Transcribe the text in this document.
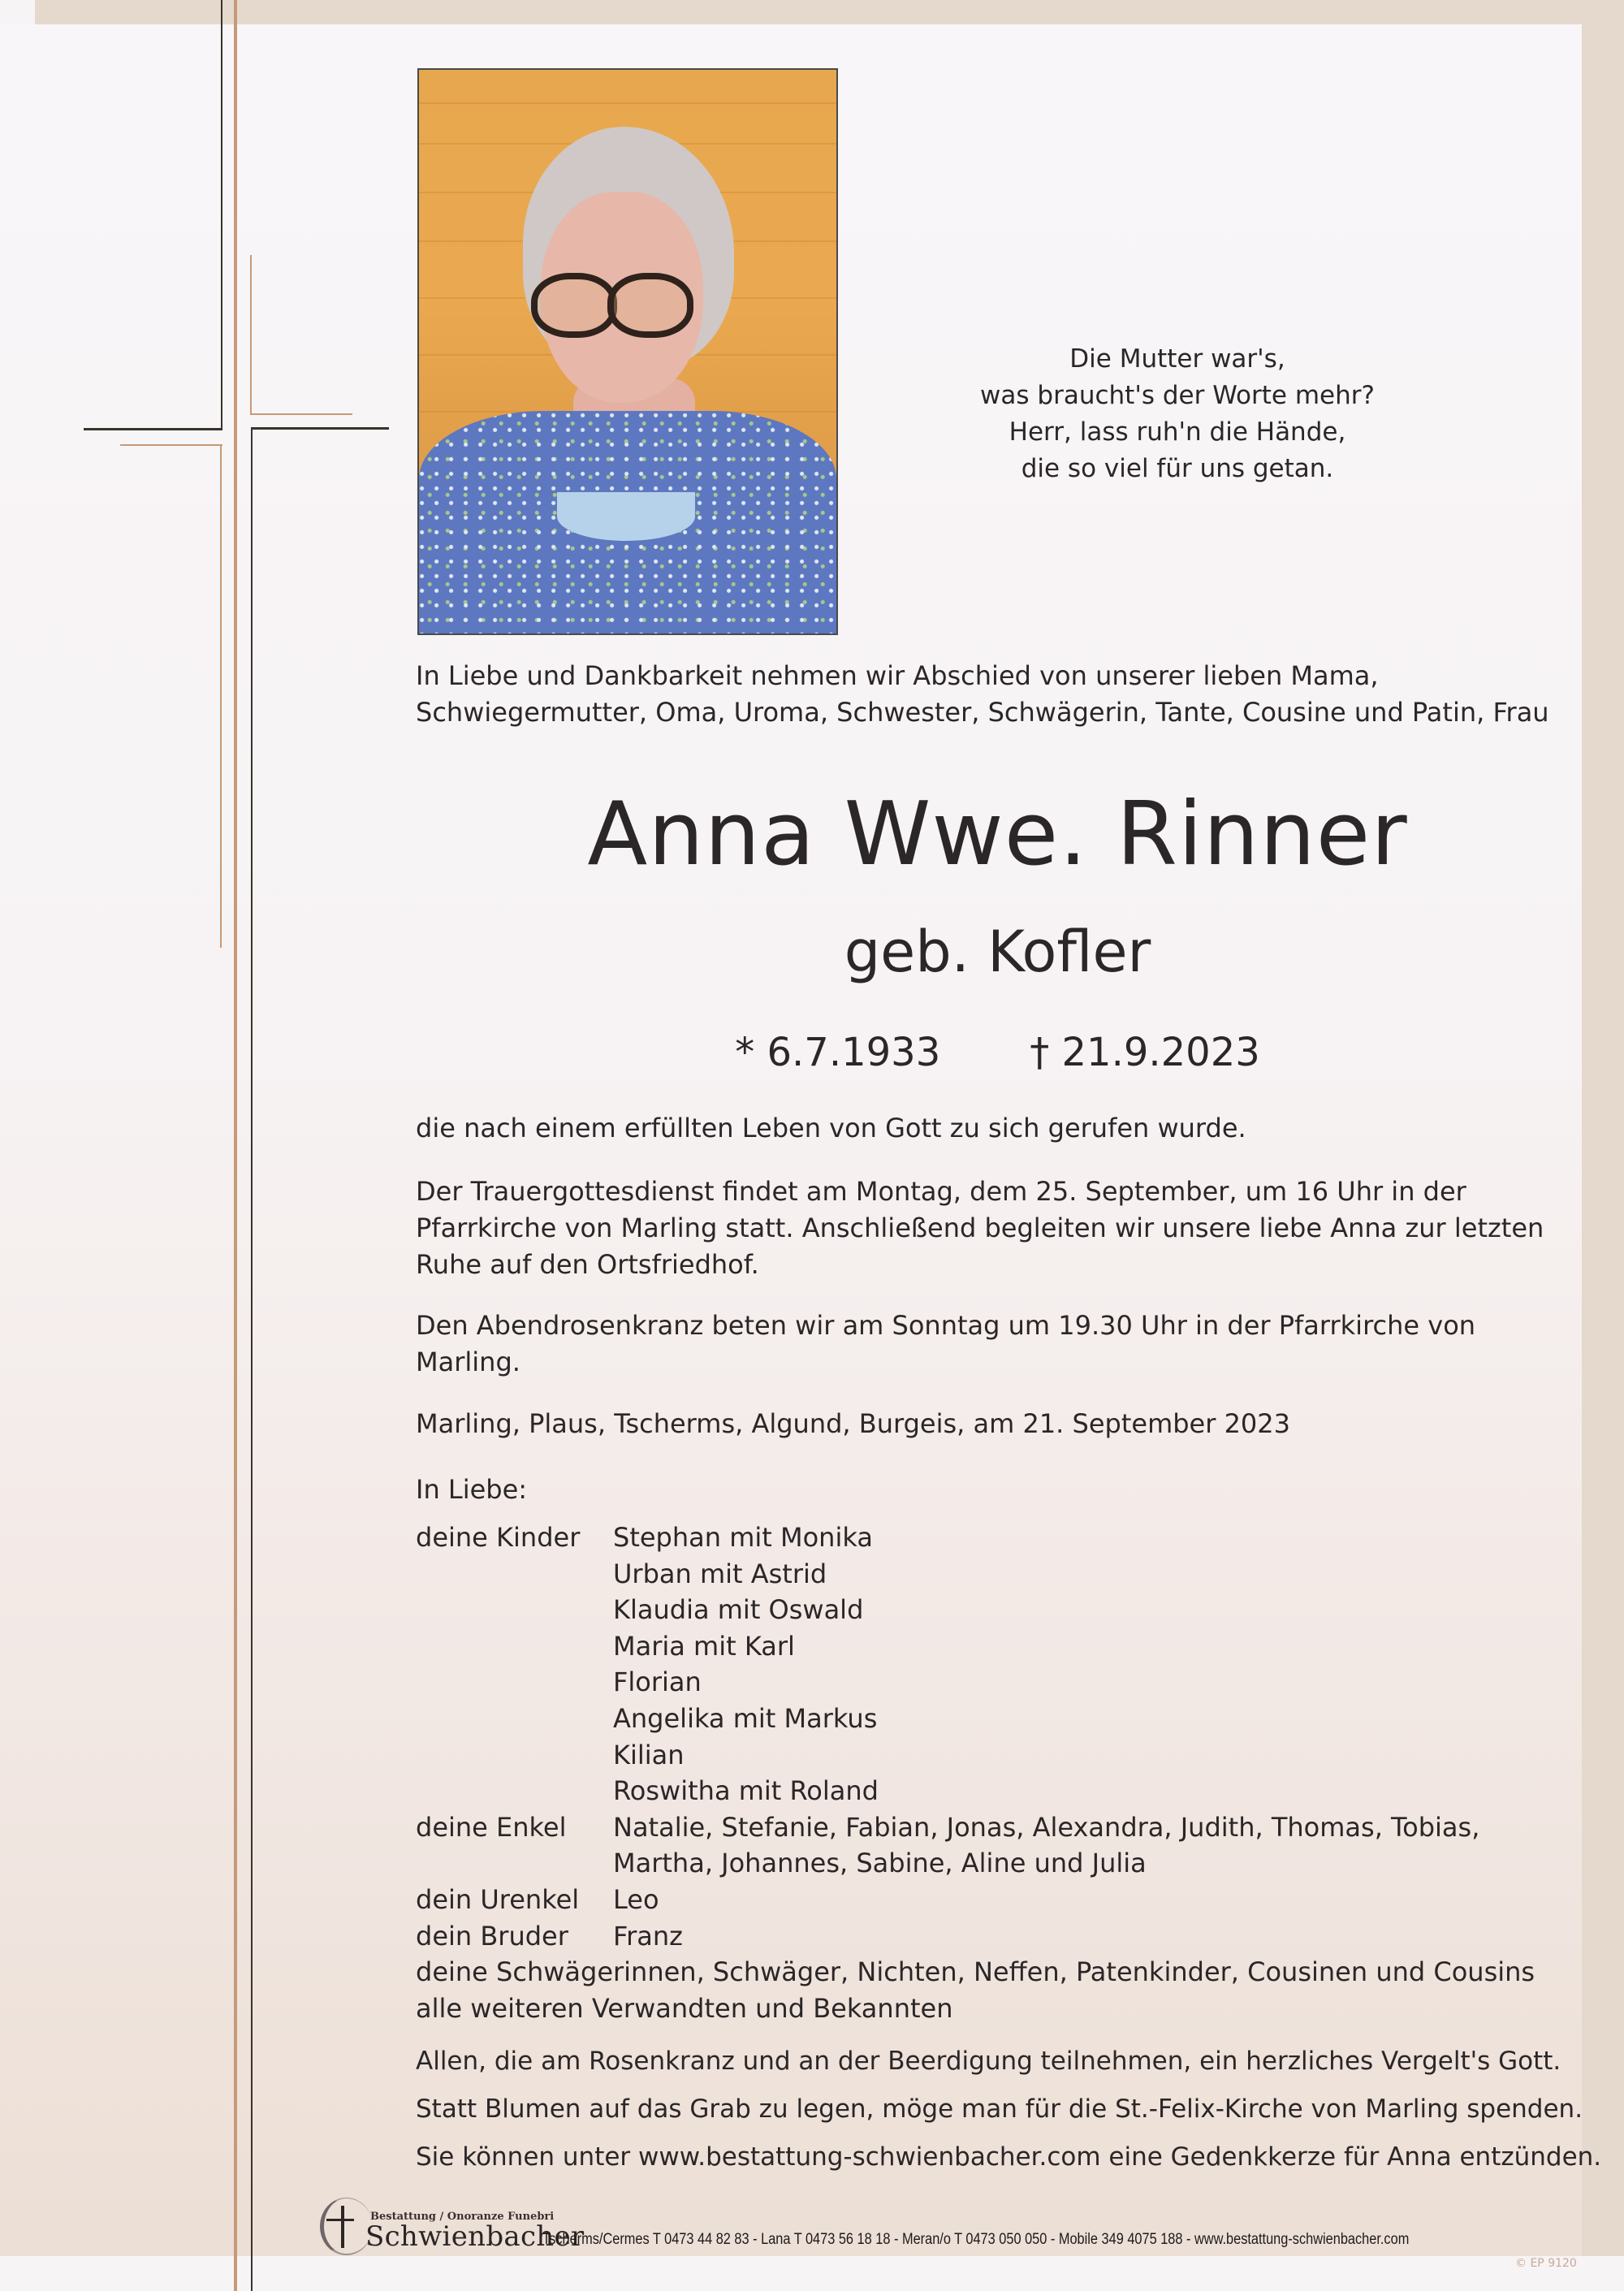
Die Mutter war's,
was braucht's der Worte mehr?
Herr, lass ruh'n die Hände,
die so viel für uns getan.
In Liebe und Dankbarkeit nehmen wir Abschied von unserer lieben Mama,
Schwiegermutter, Oma, Uroma, Schwester, Schwägerin, Tante, Cousine und Patin, Frau
Anna Wwe. Rinner
geb. Kofler
* 6.7.1933 † 21.9.2023
die nach einem erfüllten Leben von Gott zu sich gerufen wurde.
Der Trauergottesdienst findet am Montag, dem 25. September, um 16 Uhr in der
Pfarrkirche von Marling statt. Anschließend begleiten wir unsere liebe Anna zur letzten
Ruhe auf den Ortsfriedhof.
Den Abendrosenkranz beten wir am Sonntag um 19.30 Uhr in der Pfarrkirche von
Marling.
Marling, Plaus, Tscherms, Algund, Burgeis, am 21. September 2023
In Liebe:
deine Kinder	Stephan mit Monika
Urban mit Astrid
Klaudia mit Oswald
Maria mit Karl
Florian
Angelika mit Markus
Kilian
Roswitha mit Roland
deine Enkel	Natalie, Stefanie, Fabian, Jonas, Alexandra, Judith, Thomas, Tobias,
Martha, Johannes, Sabine, Aline und Julia
dein Urenkel	Leo
dein Bruder	Franz
deine Schwägerinnen, Schwäger, Nichten, Neffen, Patenkinder, Cousinen und Cousins
alle weiteren Verwandten und Bekannten
Allen, die am Rosenkranz und an der Beerdigung teilnehmen, ein herzliches Vergelt's Gott.
Statt Blumen auf das Grab zu legen, möge man für die St.-Felix-Kirche von Marling spenden.
Sie können unter www.bestattung-schwienbacher.com eine Gedenkkerze für Anna entzünden.
Bestattung / Onoranze Funebri
Schwienbacher
Tscherms/Cermes T 0473 44 82 83 - Lana T 0473 56 18 18 - Meran/o T 0473 050 050 - Mobile 349 4075 188 - www.bestattung-schwienbacher.com
© EP 9120
